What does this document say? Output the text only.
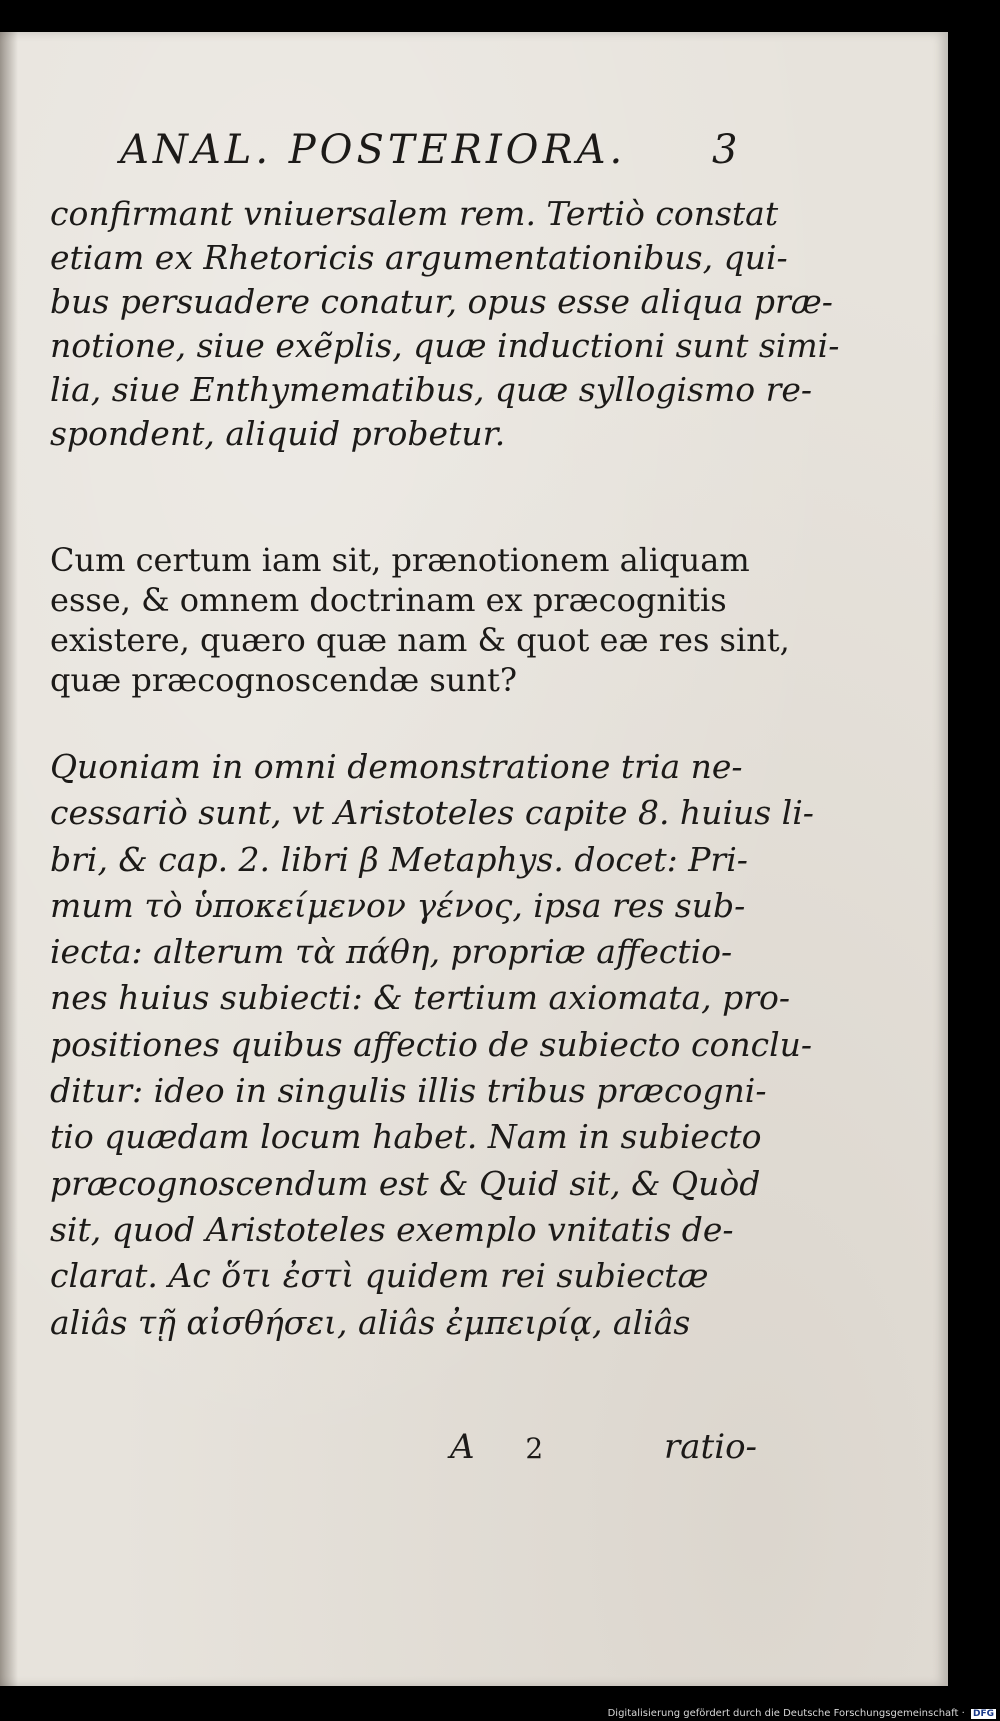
ANAL. POSTERIORA.	3
confirmant vniuersalem rem. Tertiò constat
etiam ex Rhetoricis argumentationibus, qui-
bus persuadere conatur, opus esse aliqua præ-
notione, siue exẽplis, quæ inductioni sunt simi-
lia, siue Enthymematibus, quæ syllogismo re-
spondent, aliquid probetur.
Cum certum iam sit, prænotionem aliquam
esse, & omnem doctrinam ex præcognitis
existere, quæro quæ nam & quot eæ res sint,
quæ præcognoscendæ sunt?
Quoniam in omni demonstratione tria ne-
cessariò sunt, vt Aristoteles capite 8. huius li-
bri, & cap. 2. libri β Metaphys. docet: Pri-
mum τὸ ὑποκείμενον γένος, ipsa res sub-
iecta: alterum τὰ πάθη, propriæ affectio-
nes huius subiecti: & tertium axiomata, pro-
positiones quibus affectio de subiecto conclu-
ditur: ideo in singulis illis tribus præcogni-
tio quædam locum habet. Nam in subiecto
præcognoscendum est & Quid sit, & Quòd
sit, quod Aristoteles exemplo vnitatis de-
clarat. Ac ὅτι ἐστὶ quidem rei subiectæ
aliâs τῇ αἰσθήσει, aliâs ἐμπειρίᾳ, aliâs
A 2	ratio-
Digitalisierung gefördert durch die Deutsche Forschungsgemeinschaft · DFG
